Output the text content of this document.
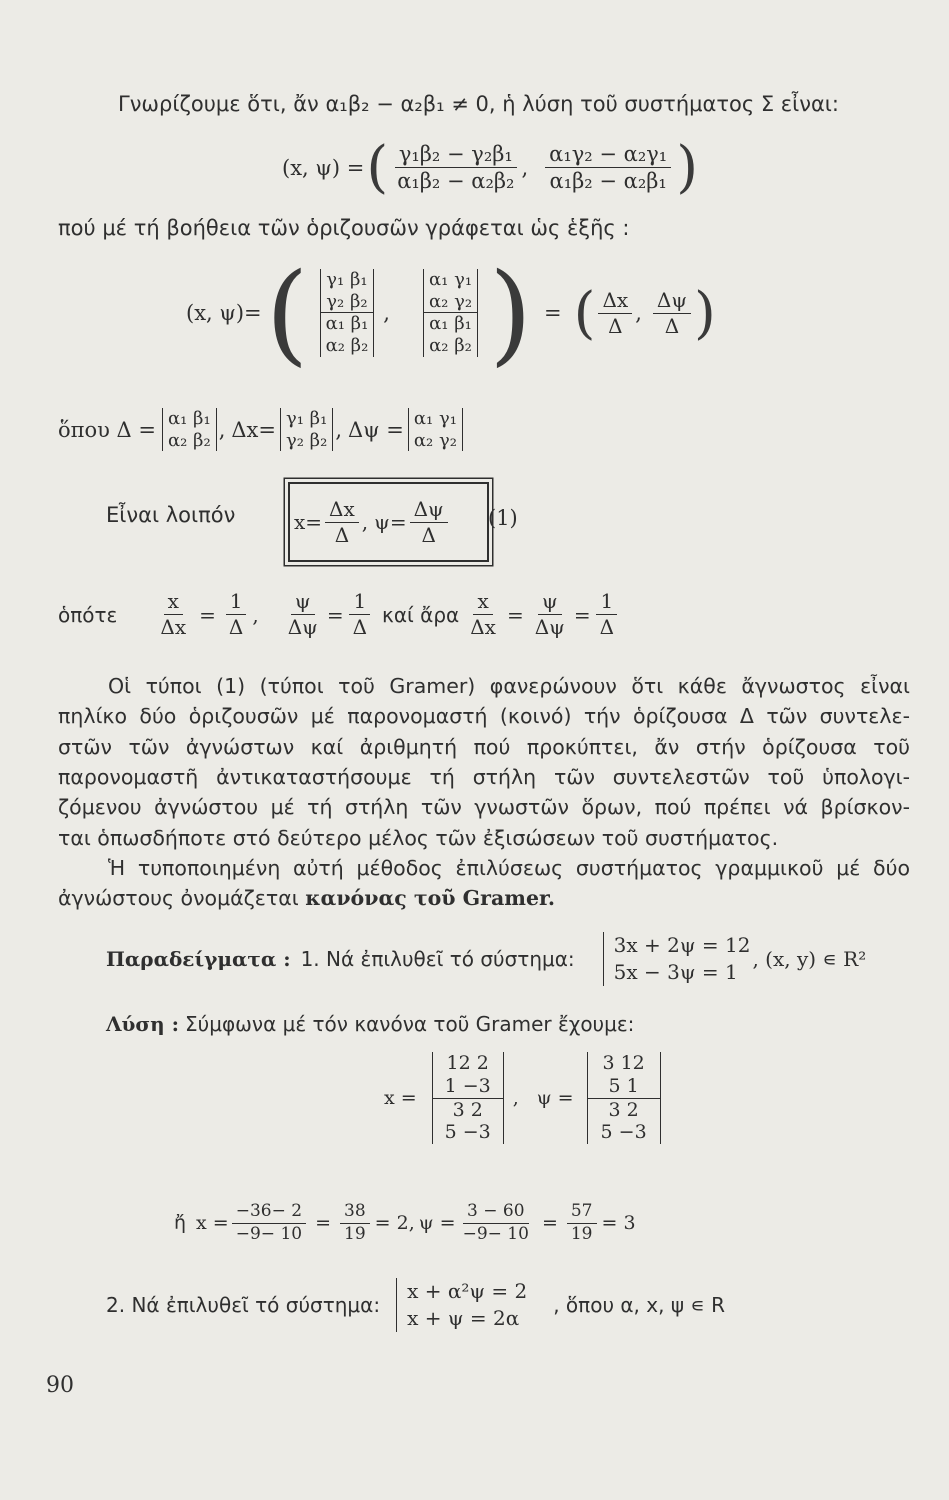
Γνωρίζουμε ὅτι, ἄν α₁β₂ − α₂β₁ ≠ 0, ἡ λύση τοῦ συστήματος Σ εἶναι:
(x, ψ) = ( $\frac{\text{γ₁β₂ − γ₂β₁}}{\text{α₁β₂ − α₂β₂}}$ , $\frac{\text{α₁γ₂ − α₂γ₁}}{\text{α₁β₂ − α₂β₁}}$ )
πού μέ τή βοήθεια τῶν ὁριζουσῶν γράφεται ὡς ἑξῆς :
(x, ψ)= ( γ₁ β₁
γ₂ β₂
α₁ β₁
α₂ β₂
,
α₁ γ₁
α₂ γ₂
α₁ β₁
α₂ β₂ ) = ( $\frac{\Delta x}{\Delta}$ , $\frac{\Delta\psi}{\Delta}$ )
ὅπου Δ = α₁ β₁
α₂ β₂ , Δx= γ₁ β₁
γ₂ β₂ , Δψ = α₁ γ₁
α₂ γ₂
Εἶναι λοιπόν	$x= \frac{\Delta x}{\Delta}$ , $\psi= \frac{\Delta\psi}{\Delta} (1)$
ὁπότε $\frac{x}{\Delta x} = \frac{1}{\Delta}$ , $\frac{\psi}{\Delta\psi} = \frac{1}{\Delta}$ καί ἄρα $\frac{x}{\Delta x} = \frac{\psi}{\Delta\psi} = \frac{1}{\Delta}$
Οἱ τύποι (1) (τύποι τοῦ Gramer) φανερώνουν ὅτι κάθε ἄγνωστος εἶναι
πηλίκο δύο ὁριζουσῶν μέ παρονομαστή (κοινό) τήν ὁρίζουσα Δ τῶν συντελε-
στῶν τῶν ἀγνώστων καί ἀριθμητή πού προκύπτει, ἄν στήν ὁρίζουσα τοῦ
παρονομαστῆ ἀντικαταστήσουμε τή στήλη τῶν συντελεστῶν τοῦ ὑπολογι-
ζόμενου ἀγνώστου μέ τή στήλη τῶν γνωστῶν ὅρων, πού πρέπει νά βρίσκον-
ται ὁπωσδήποτε στό δεύτερο μέλος τῶν ἐξισώσεων τοῦ συστήματος.
Ἡ τυποποιημένη αὐτή μέθοδος ἐπιλύσεως συστήματος γραμμικοῦ μέ δύο
ἀγνώστους ὀνομάζεται κανόνας τοῦ Gramer.
Παραδείγματα : 1. Νά ἐπιλυθεῖ τό σύστημα:
3x + 2ψ = 12
5x − 3ψ = 1
, (x, y) ∊ R²
Λύση : Σύμφωνα μέ τόν κανόνα τοῦ Gramer ἔχουμε:
x =
12 2
1 −3
3 2
5 −3
, ψ =
3 12
5 1
3 2
5 −3
ἤ $x = \frac{-36- 2}{-9- 10} = \frac{38}{19} = 2$, $\psi = \frac{3 - 60}{-9- 10} = \frac{57}{19} = 3$
2. Νά ἐπιλυθεῖ τό σύστημα:
x + α²ψ = 2
x + ψ = 2α
, ὅπου α, x, ψ ∊ R
90
